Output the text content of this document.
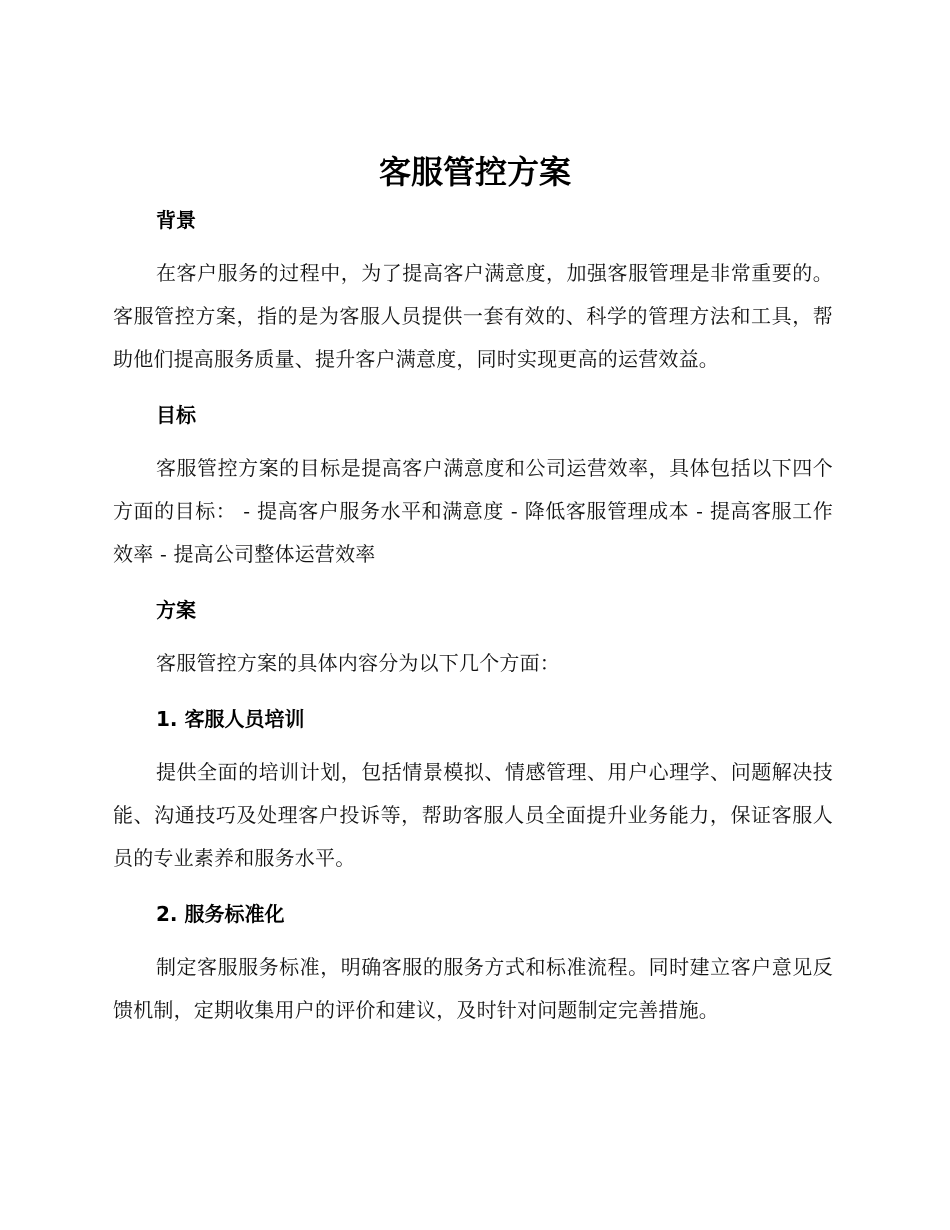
客服管控方案
背景

在客户服务的过程中，为了提高客户满意度，加强客服管理是非常重要的。客服管控方案，指的是为客服人员提供一套有效的、科学的管理方法和工具，帮助他们提高服务质量、提升客户满意度，同时实现更高的运营效益。

目标

客服管控方案的目标是提高客户满意度和公司运营效率，具体包括以下四个方面的目标： - 提高客户服务水平和满意度 - 降低客服管理成本 - 提高客服工作效率 - 提高公司整体运营效率

方案

客服管控方案的具体内容分为以下几个方面：

1. 客服人员培训

提供全面的培训计划，包括情景模拟、情感管理、用户心理学、问题解决技能、沟通技巧及处理客户投诉等，帮助客服人员全面提升业务能力，保证客服人员的专业素养和服务水平。

2. 服务标准化

制定客服服务标准，明确客服的服务方式和标准流程。同时建立客户意见反馈机制，定期收集用户的评价和建议，及时针对问题制定完善措施。
